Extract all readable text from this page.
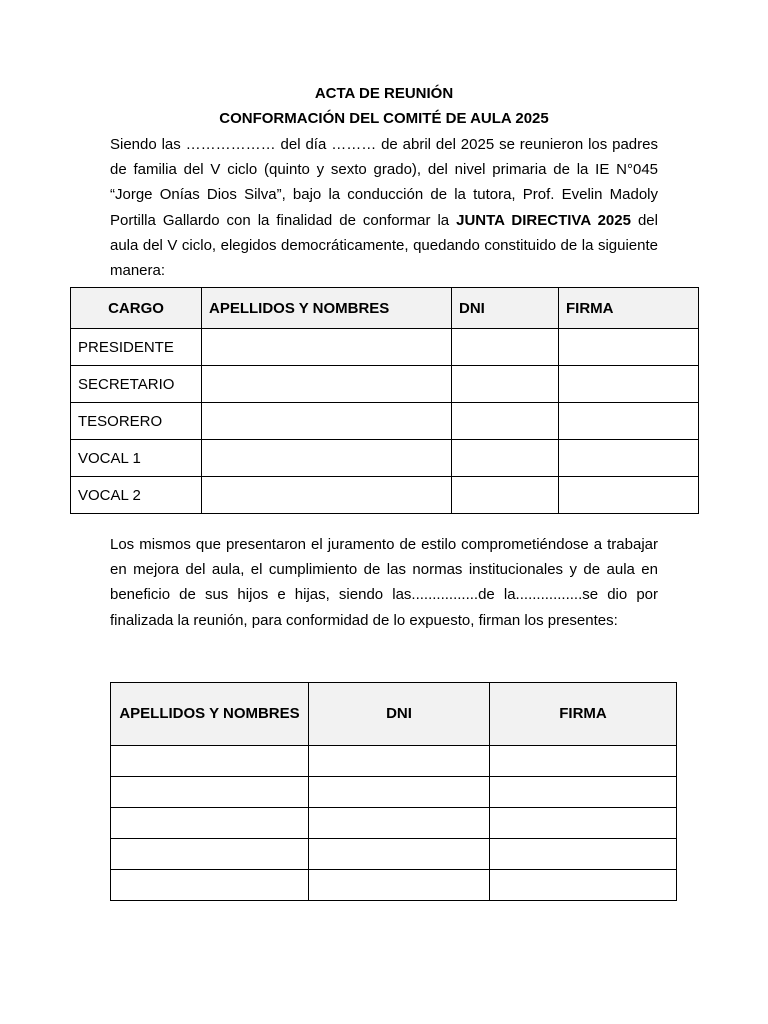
ACTA DE REUNIÓN

CONFORMACIÓN DEL COMITÉ DE AULA 2025

Siendo las ……………… del día ……… de abril del 2025 se reunieron los padres de familia del V ciclo (quinto y sexto grado), del nivel primaria de la IE N°045 “Jorge Onías Dios Silva”, bajo la conducción de la tutora, Prof. Evelin Madoly Portilla Gallardo con la finalidad de conformar la JUNTA DIRECTIVA 2025 del aula del V ciclo, elegidos democráticamente, quedando constituido de la siguiente manera:

CARGO	APELLIDOS Y NOMBRES	DNI	FIRMA
PRESIDENTE			
SECRETARIO			
TESORERO			
VOCAL 1			
VOCAL 2			

Los mismos que presentaron el juramento de estilo comprometiéndose a trabajar en mejora del aula, el cumplimiento de las normas institucionales y de aula en beneficio de sus hijos e hijas, siendo las................de la................se dio por finalizada la reunión, para conformidad de lo expuesto, firman los presentes:

APELLIDOS Y NOMBRES	DNI	FIRMA
